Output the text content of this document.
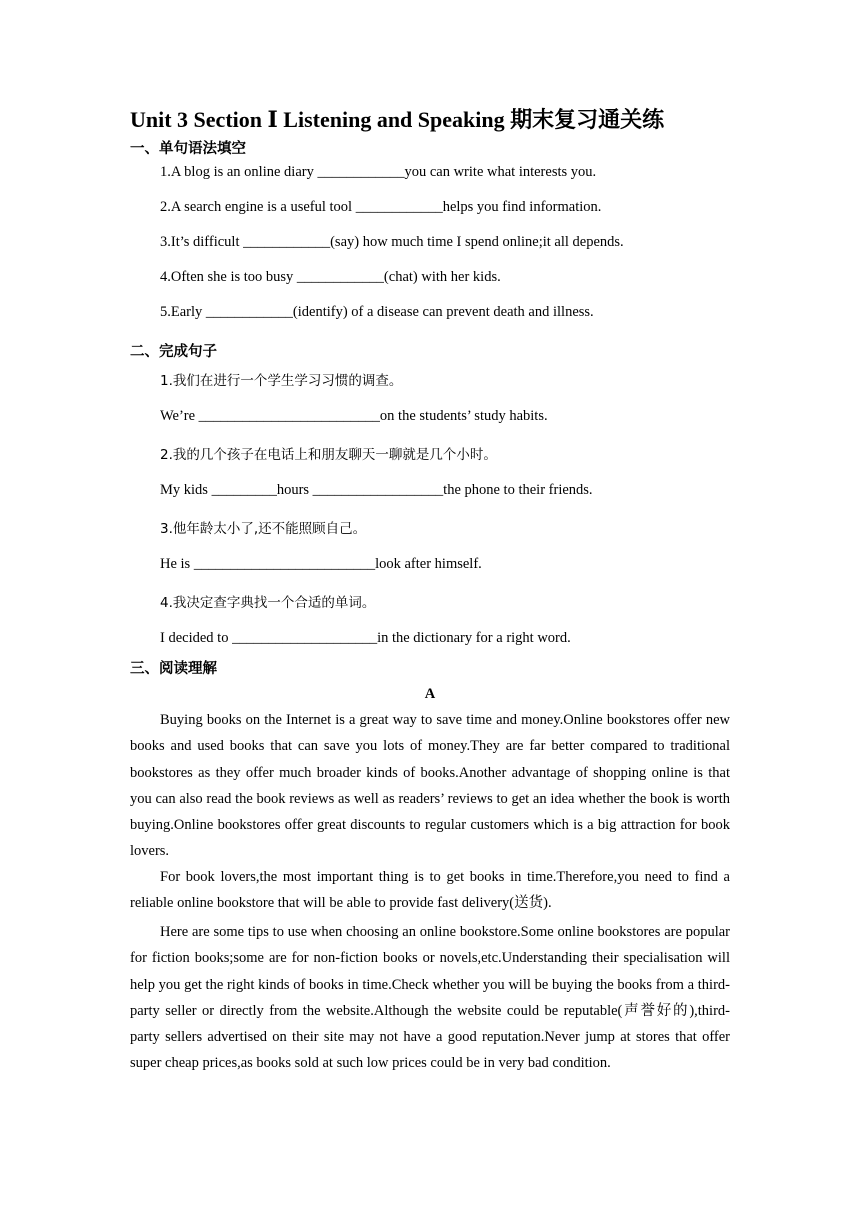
Unit 3 Section Ⅰ Listening and Speaking 期末复习通关练
一、单句语法填空
1.A blog is an online diary ____________you can write what interests you.
2.A search engine is a useful tool ____________helps you find information.
3.It’s difficult ____________(say) how much time I spend online;it all depends.
4.Often she is too busy ____________(chat) with her kids.
5.Early ____________(identify) of a disease can prevent death and illness.
二、完成句子
1.我们在进行一个学生学习习惯的调查。
We’re _________________________on the students’ study habits.
2.我的几个孩子在电话上和朋友聊天一聊就是几个小时。
My kids _________hours __________________the phone to their friends.
3.他年龄太小了,还不能照顾自己。
He is _________________________look after himself.
4.我决定查字典找一个合适的单词。
I decided to ____________________in the dictionary for a right word.
三、阅读理解
A
Buying books on the Internet is a great way to save time and money.Online bookstores offer new books and used books that can save you lots of money.They are far better compared to traditional bookstores as they offer much broader kinds of books.Another advantage of shopping online is that you can also read the book reviews as well as readers’ reviews to get an idea whether the book is worth buying.Online bookstores offer great discounts to regular customers which is a big attraction for book lovers.
For book lovers,the most important thing is to get books in time.Therefore,you need to find a reliable online bookstore that will be able to provide fast delivery(送货).
Here are some tips to use when choosing an online bookstore.Some online bookstores are popular for fiction books;some are for non-fiction books or novels,etc.Understanding their specialisation will help you get the right kinds of books in time.Check whether you will be buying the books from a third-party seller or directly from the website.Although the website could be reputable(声誉好的),third-party sellers advertised on their site may not have a good reputation.Never jump at stores that offer super cheap prices,as books sold at such low prices could be in very bad condition.
